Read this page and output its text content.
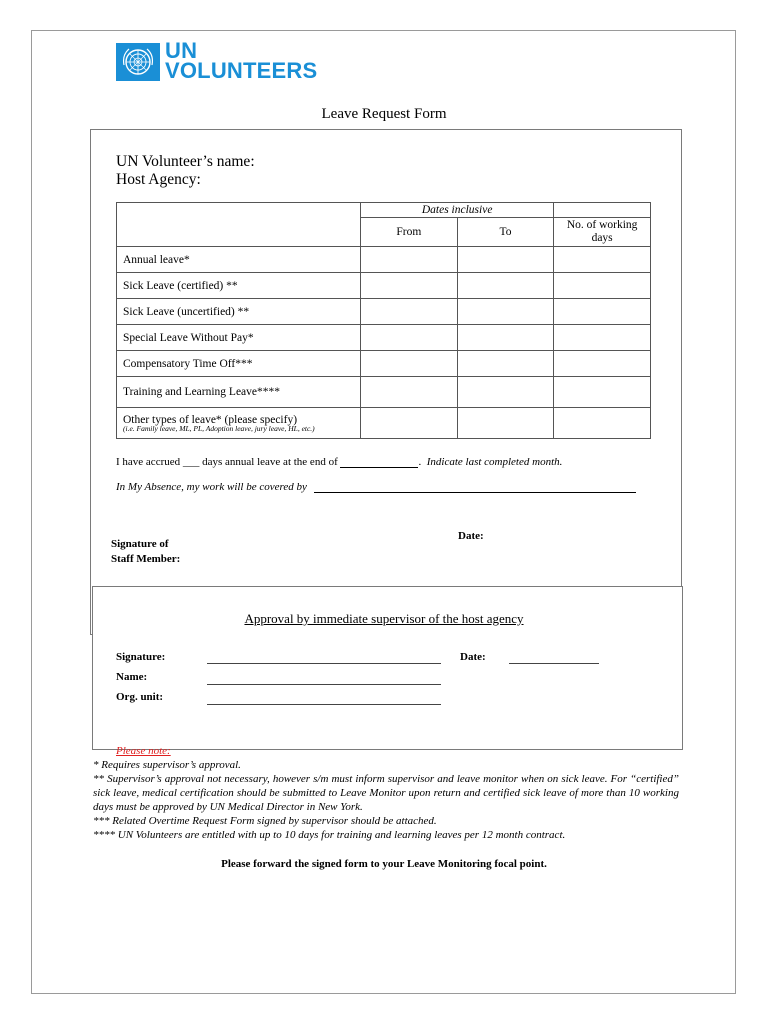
UN
VOLUNTEERS
Leave Request Form
UN Volunteer’s name:
Host Agency:
	Dates inclusive		
	From	To	No. of working days
Annual leave*			
Sick Leave (certified) **			
Sick Leave (uncertified) **			
Special Leave Without Pay*			
Compensatory Time Off***			
Training and Learning Leave****			
Other types of leave* (please specify)
(i.e. Family leave, ML, PL, Adoption leave, jury leave, HL, etc.)			

I have accrued ___ days annual leave at the end of	. Indicate last completed month.
In My Absence, my work will be covered by
Signature of
Staff Member:
Date:
Approval by immediate supervisor of the host agency
Signature:	Date:
Name:
Org. unit:
Please note:
* Requires supervisor’s approval.
** Supervisor’s approval not necessary, however s/m must inform supervisor and leave monitor when on sick leave. For “certified” sick leave, medical certification should be submitted to Leave Monitor upon return and certified sick leave of more than 10 working days must be approved by UN Medical Director in New York.
*** Related Overtime Request Form signed by supervisor should be attached.
**** UN Volunteers are entitled with up to 10 days for training and learning leaves per 12 month contract.
Please forward the signed form to your Leave Monitoring focal point.
